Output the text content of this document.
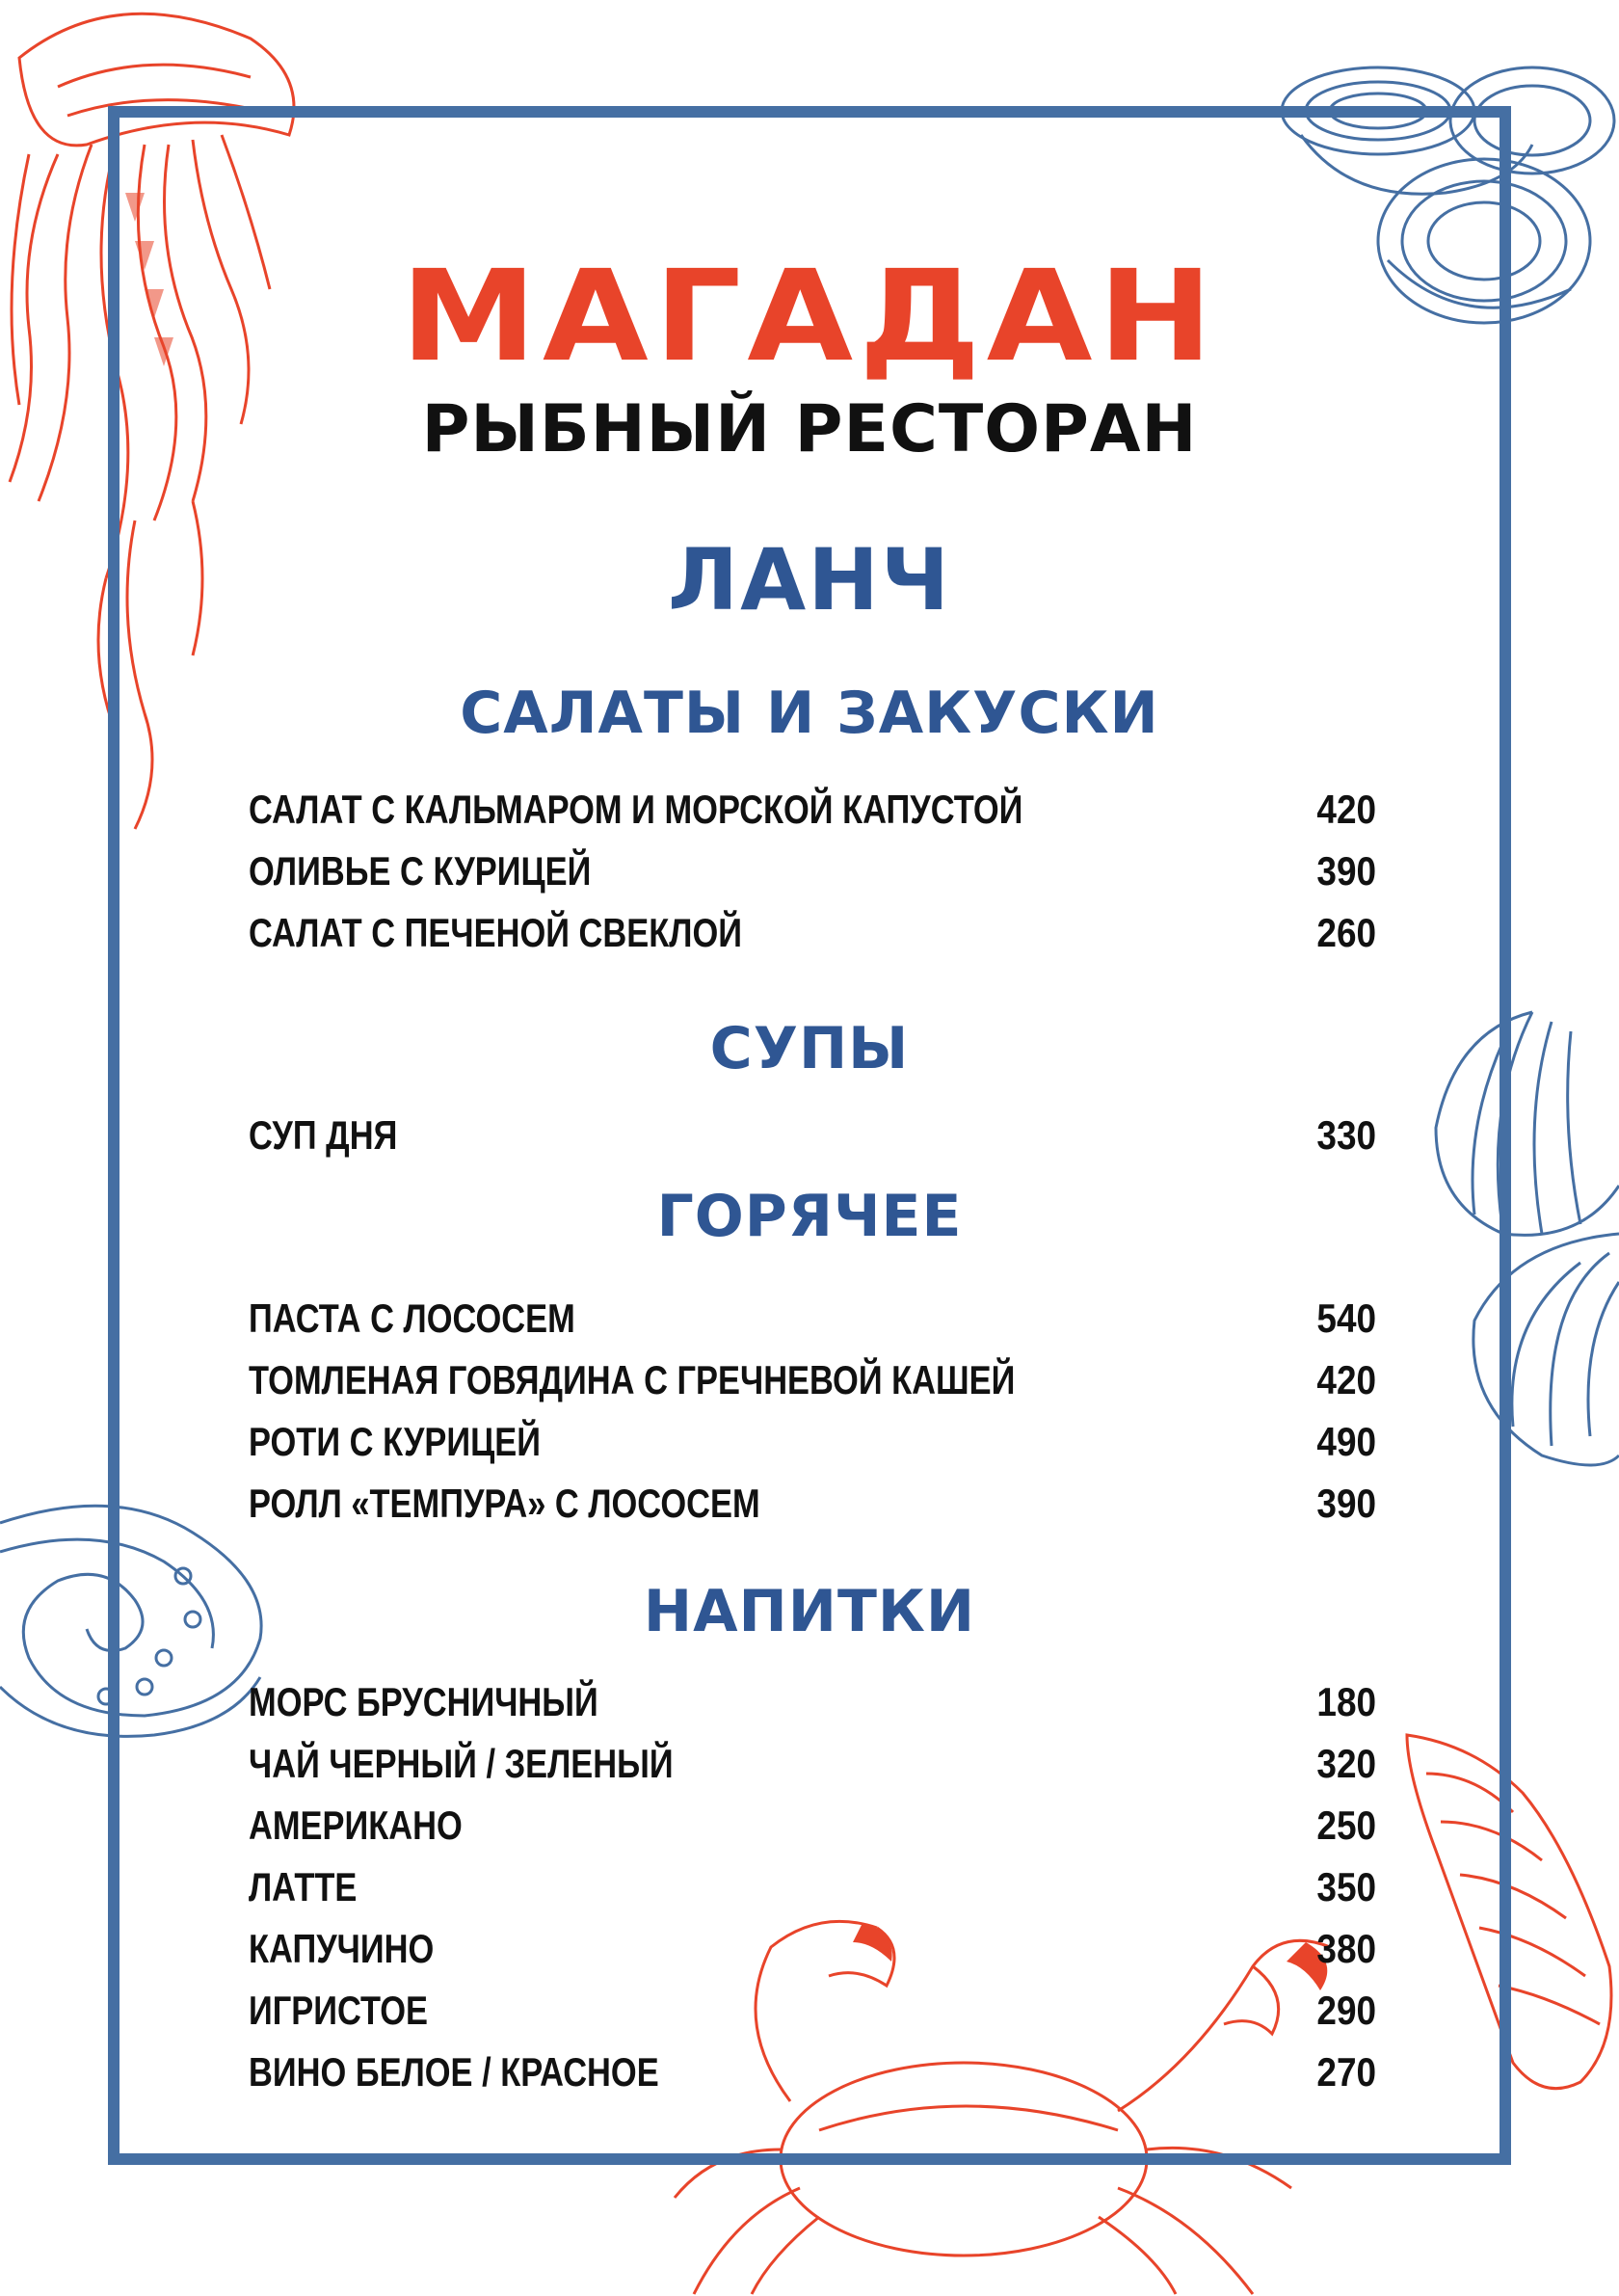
МАГАДАН
РЫБНЫЙ РЕСТОРАН
ЛАНЧ
САЛАТЫ И ЗАКУСКИ
САЛАТ С КАЛЬМАРОМ И МОРСКОЙ КАПУСТОЙ	420
ОЛИВЬЕ С КУРИЦЕЙ	390
САЛАТ С ПЕЧЕНОЙ СВЕКЛОЙ	260
СУПЫ
СУП ДНЯ	330
ГОРЯЧЕЕ
ПАСТА С ЛОСОСЕМ	540
ТОМЛЕНАЯ ГОВЯДИНА С ГРЕЧНЕВОЙ КАШЕЙ	420
РОТИ С КУРИЦЕЙ	490
РОЛЛ «ТЕМПУРА» С ЛОСОСЕМ	390
НАПИТКИ
МОРС БРУСНИЧНЫЙ	180
ЧАЙ ЧЕРНЫЙ / ЗЕЛЕНЫЙ	320
АМЕРИКАНО	250
ЛАТТЕ	350
КАПУЧИНО	380
ИГРИСТОЕ	290
ВИНО БЕЛОЕ / КРАСНОЕ	270
